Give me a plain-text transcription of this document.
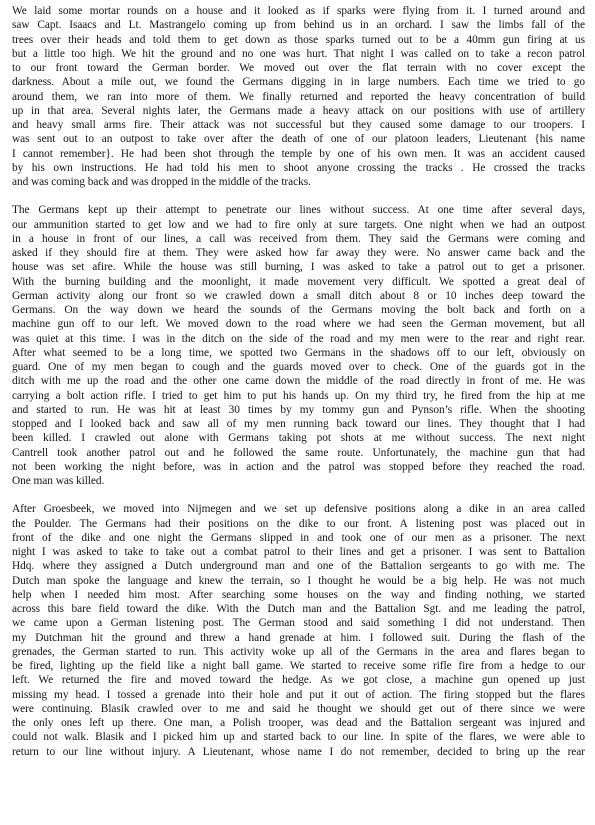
We laid some mortar rounds on a house and it looked as if sparks were flying from it. I turned around and
saw Capt. Isaacs and Lt. Mastrangelo coming up from behind us in an orchard. I saw the limbs fall of the
trees over their heads and told them to get down as those sparks turned out to be a 40mm gun firing at us
but a little too high. We hit the ground and no one was hurt. That night I was called on to take a recon patrol
to our front toward the German border. We moved out over the flat terrain with no cover except the
darkness. About a mile out, we found the Germans digging in in large numbers. Each time we tried to go
around them, we ran into more of them. We finally returned and reported the heavy concentration of build
up in that area. Several nights later, the Germans made a heavy attack on our positions with use of artillery
and heavy small arms fire. Their attack was not successful but they caused some damage to our troopers. I
was sent out to an outpost to take over after the death of one of our platoon leaders, Lieutenant {his name
I cannot remember}. He had been shot through the temple by one of his own men. It was an accident caused
by his own instructions. He had told his men to shoot anyone crossing the tracks . He crossed the tracks
and was coming back and was dropped in the middle of the tracks.
The Germans kept up their attempt to penetrate our lines without success. At one time after several days,
our ammunition started to get low and we had to fire only at sure targets. One night when we had an outpost
in a house in front of our lines, a call was received from them. They said the Germans were coming and
asked if they should fire at them. They were asked how far away they were. No answer came back and the
house was set afire. While the house was still burning, I was asked to take a patrol out to get a prisoner.
With the burning building and the moonlight, it made movement very difficult. We spotted a great deal of
German activity along our front so we crawled down a small ditch about 8 or 10 inches deep toward the
Germans. On the way down we heard the sounds of the Germans moving the bolt back and forth on a
machine gun off to our left. We moved down to the road where we had seen the German movement, but all
was quiet at this time. I was in the ditch on the side of the road and my men were to the rear and right rear.
After what seemed to be a long time, we spotted two Germans in the shadows off to our left, obviously on
guard. One of my men began to cough and the guards moved over to check. One of the guards got in the
ditch with me up the road and the other one came down the middle of the road directly in front of me. He was
carrying a bolt action rifle. I tried to get him to put his hands up. On my third try, he fired from the hip at me
and started to run. He was hit at least 30 times by my tommy gun and Pynson’s rifle. When the shooting
stopped and I looked back and saw all of my men running back toward our lines. They thought that I had
been killed. I crawled out alone with Germans taking pot shots at me without success. The next night
Cantrell took another patrol out and he followed the same route. Unfortunately, the machine gun that had
not been working the night before, was in action and the patrol was stopped before they reached the road.
One man was killed.
After Groesbeek, we moved into Nijmegen and we set up defensive positions along a dike in an area called
the Poulder. The Germans had their positions on the dike to our front. A listening post was placed out in
front of the dike and one night the Germans slipped in and took one of our men as a prisoner. The next
night I was asked to take to take out a combat patrol to their lines and get a prisoner. I was sent to Battalion
Hdq. where they assigned a Dutch underground man and one of the Battalion sergeants to go with me. The
Dutch man spoke the language and knew the terrain, so I thought he would be a big help. He was not much
help when I needed him most. After searching some houses on the way and finding nothing, we started
across this bare field toward the dike. With the Dutch man and the Battalion Sgt. and me leading the patrol,
we came upon a German listening post. The German stood and said something I did not understand. Then
my Dutchman hit the ground and threw a hand grenade at him. I followed suit. During the flash of the
grenades, the German started to run. This activity woke up all of the Germans in the area and flares began to
be fired, lighting up the field like a night ball game. We started to receive some rifle fire from a hedge to our
left. We returned the fire and moved toward the hedge. As we got close, a machine gun opened up just
missing my head. I tossed a grenade into their hole and put it out of action. The firing stopped but the flares
were continuing. Blasik crawled over to me and said he thought we should get out of there since we were
the only ones left up there. One man, a Polish trooper, was dead and the Battalion sergeant was injured and
could not walk. Blasik and I picked him up and started back to our line. In spite of the flares, we were able to
return to our line without injury. A Lieutenant, whose name I do not remember, decided to bring up the rear
